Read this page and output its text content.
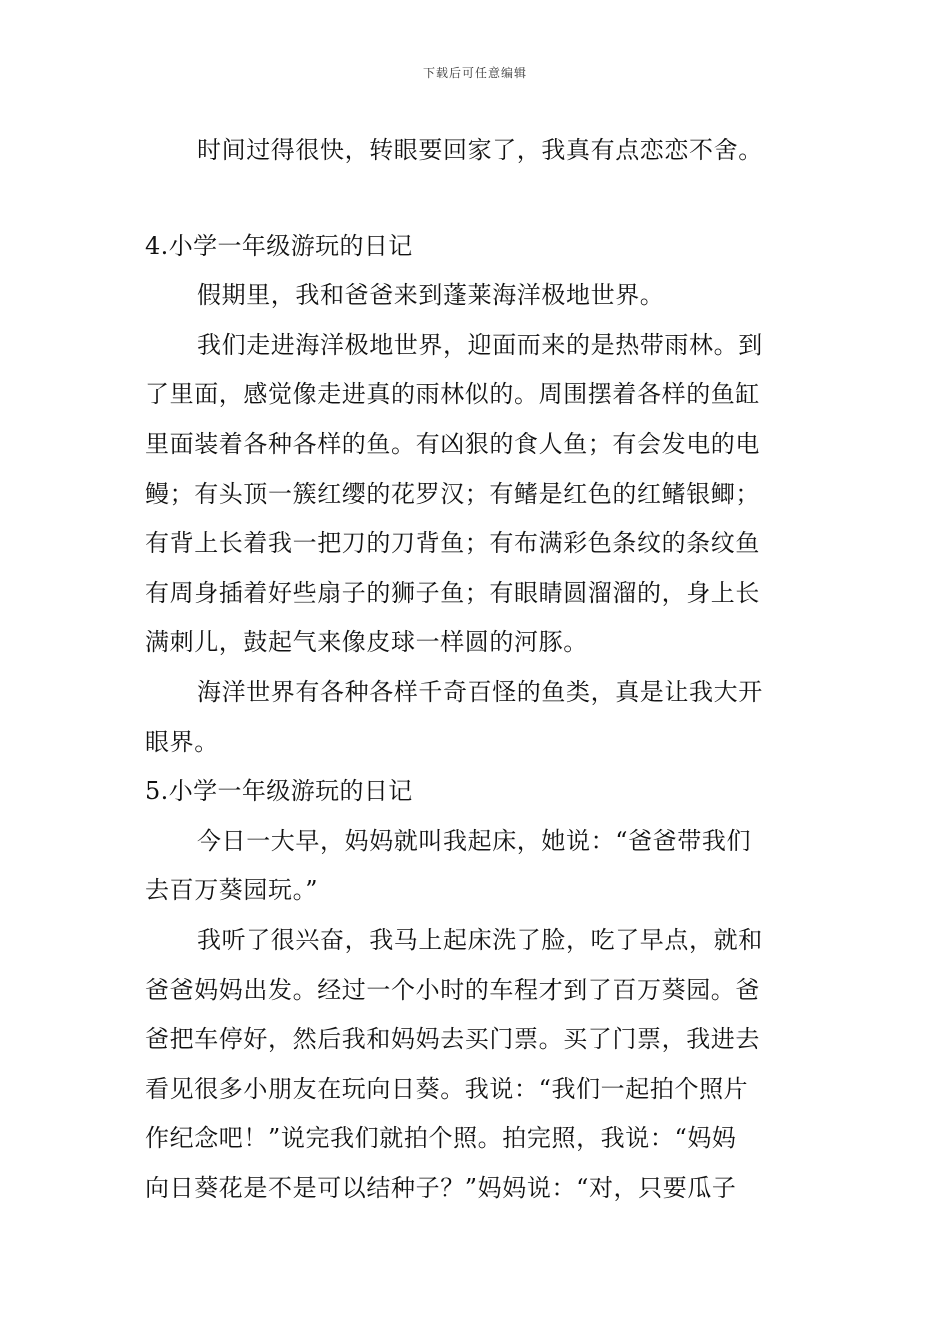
下载后可任意编辑
时间过得很快，转眼要回家了，我真有点恋恋不舍。
4.小学一年级游玩的日记
假期里，我和爸爸来到蓬莱海洋极地世界。
我们走进海洋极地世界，迎面而来的是热带雨林。到
了里面，感觉像走进真的雨林似的。周围摆着各样的鱼缸
里面装着各种各样的鱼。有凶狠的食人鱼；有会发电的电
鳗；有头顶一簇红缨的花罗汉；有鳍是红色的红鳍银鲫；
有背上长着我一把刀的刀背鱼；有布满彩色条纹的条纹鱼
有周身插着好些扇子的狮子鱼；有眼睛圆溜溜的，身上长
满刺儿，鼓起气来像皮球一样圆的河豚。
海洋世界有各种各样千奇百怪的鱼类，真是让我大开
眼界。
5.小学一年级游玩的日记
今日一大早，妈妈就叫我起床，她说：“爸爸带我们
去百万葵园玩。”
我听了很兴奋，我马上起床洗了脸，吃了早点，就和
爸爸妈妈出发。经过一个小时的车程才到了百万葵园。爸
爸把车停好，然后我和妈妈去买门票。买了门票，我进去
看见很多小朋友在玩向日葵。我说：“我们一起拍个照片
作纪念吧！”说完我们就拍个照。拍完照，我说：“妈妈
向日葵花是不是可以结种子？”妈妈说：“对，只要瓜子
